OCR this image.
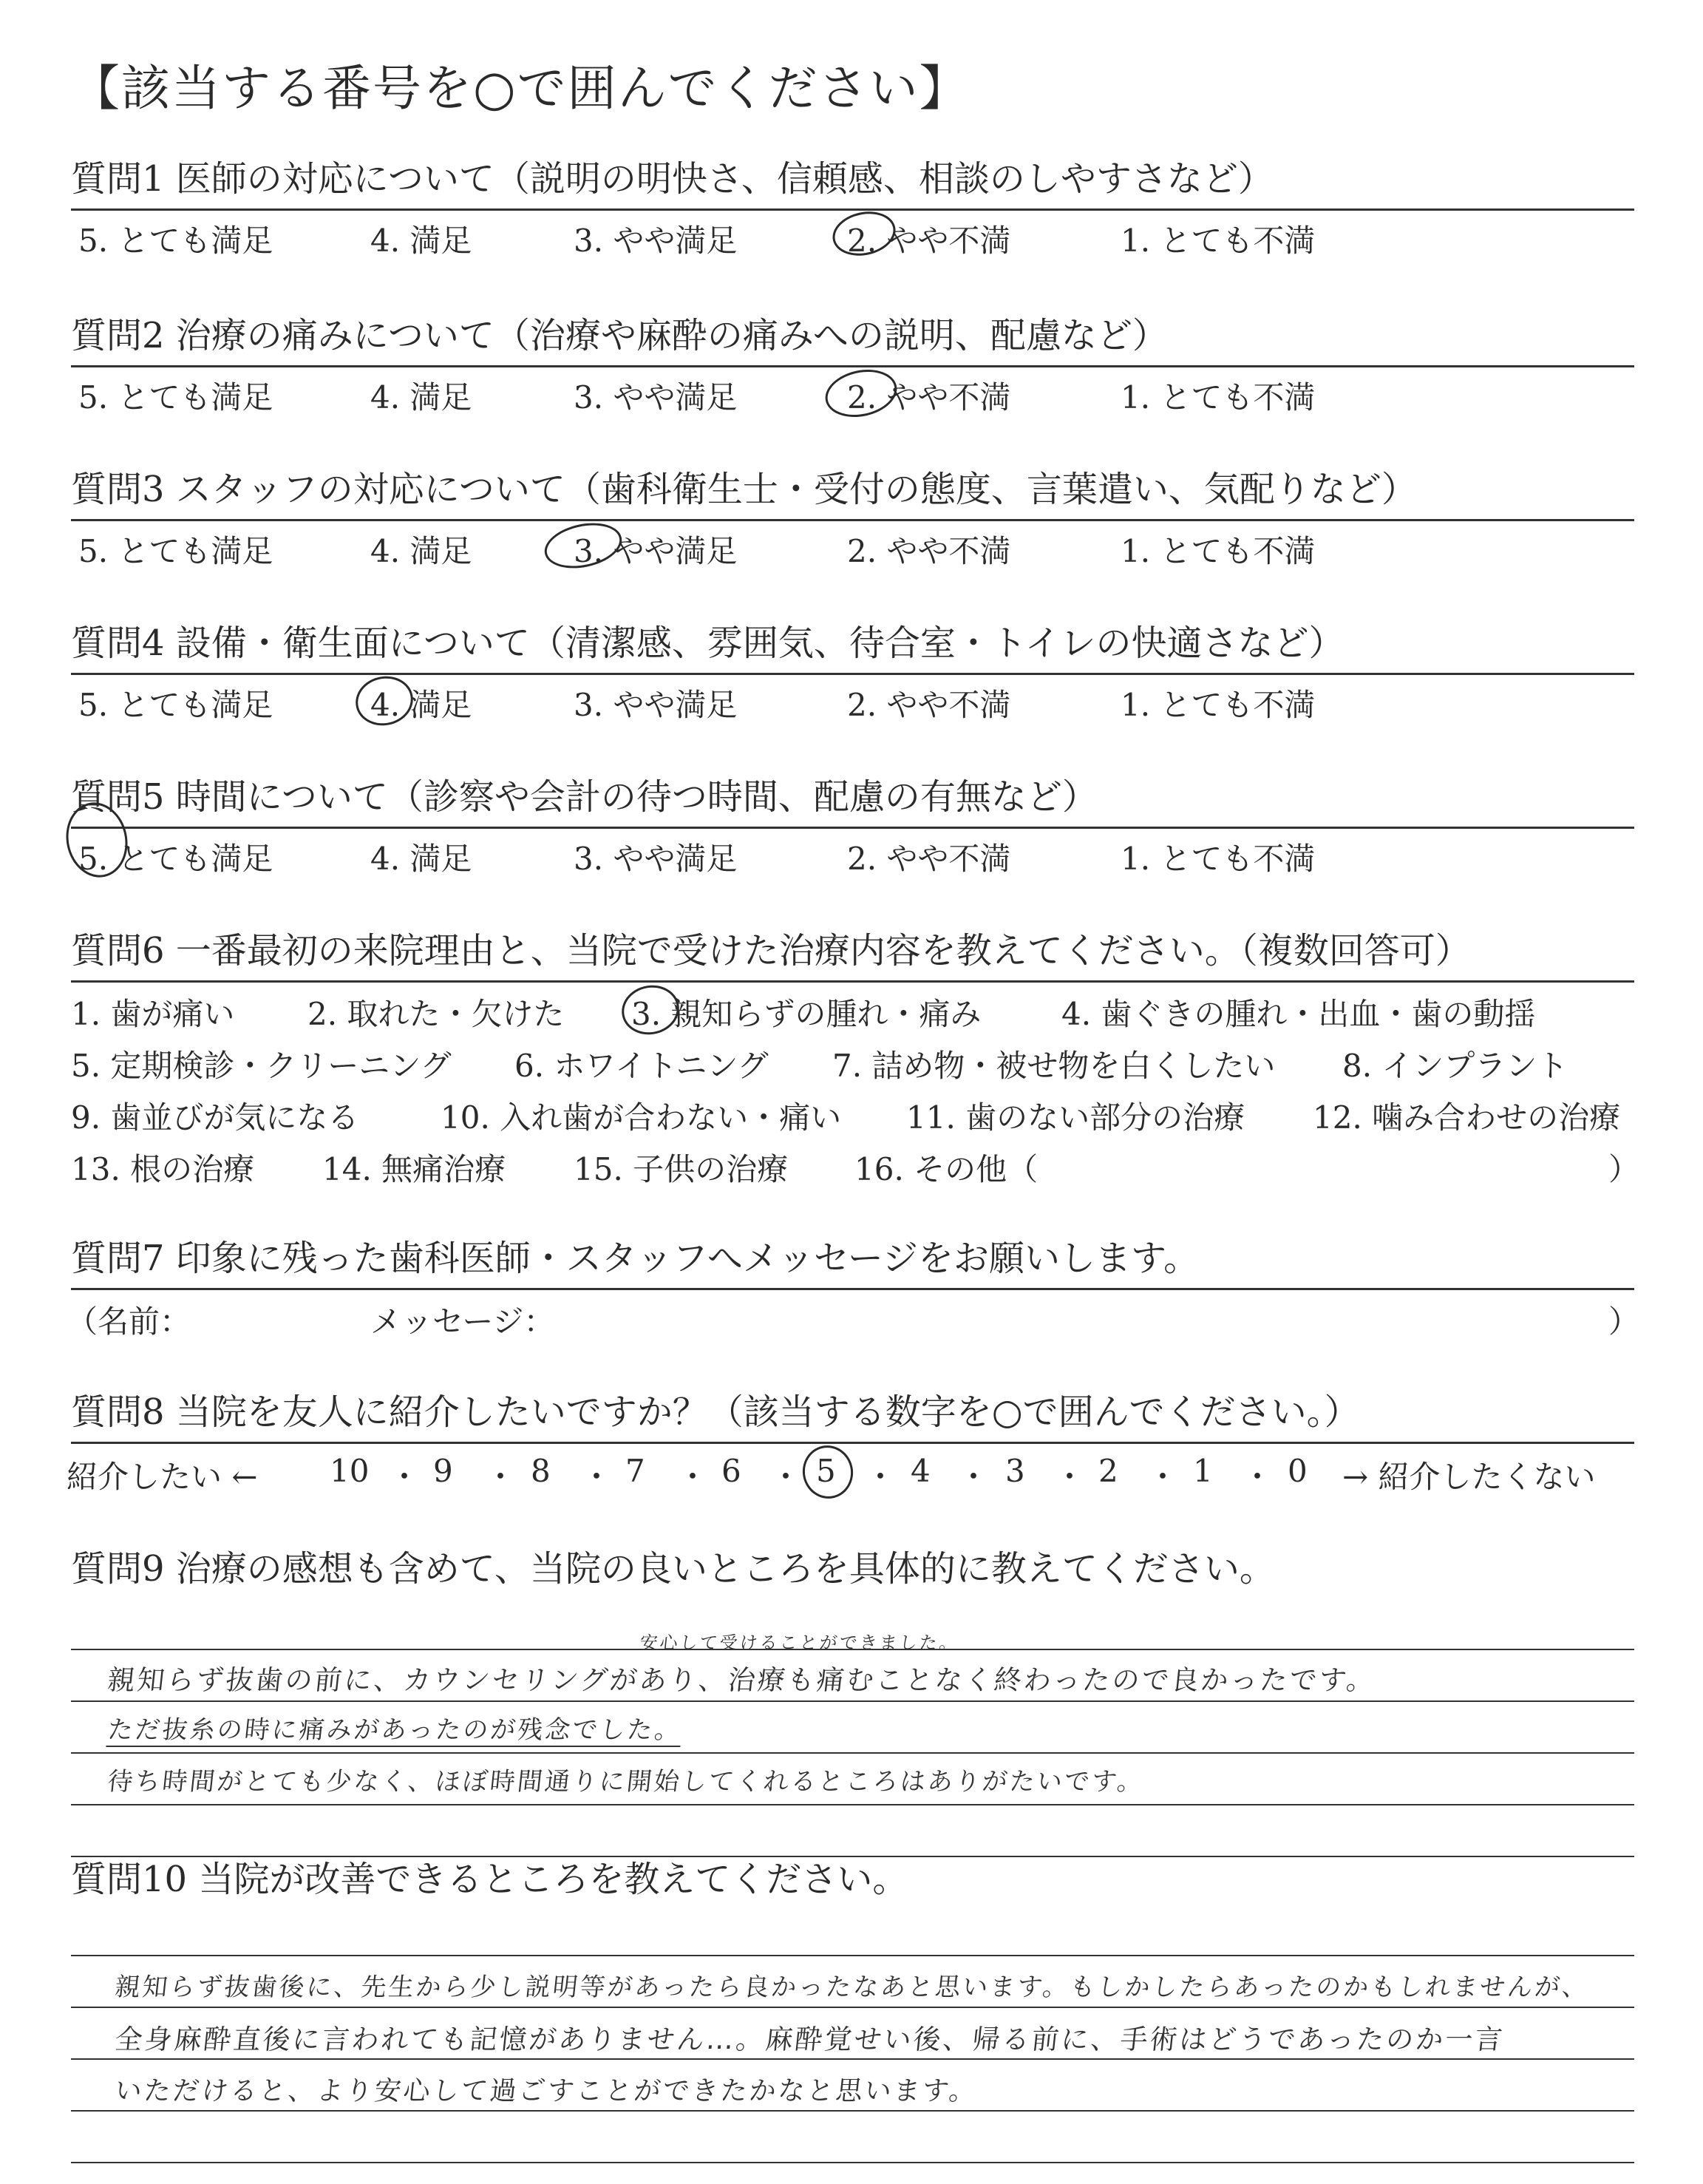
【該当する番号を○で囲んでください】
質問1 医師の対応について（説明の明快さ、信頼感、相談のしやすさなど）
5. とても満足	4. 満足	3. やや満足	2. やや不満	1. とても不満
質問2 治療の痛みについて（治療や麻酔の痛みへの説明、配慮など）
5. とても満足	4. 満足	3. やや満足	2. やや不満	1. とても不満
質問3 スタッフの対応について（歯科衛生士・受付の態度、言葉遣い、気配りなど）
5. とても満足	4. 満足	3. やや満足	2. やや不満	1. とても不満
質問4 設備・衛生面について（清潔感、雰囲気、待合室・トイレの快適さなど）
5. とても満足	4. 満足	3. やや満足	2. やや不満	1. とても不満
質問5 時間について（診察や会計の待つ時間、配慮の有無など）
5. とても満足	4. 満足	3. やや満足	2. やや不満	1. とても不満
質問6 一番最初の来院理由と、当院で受けた治療内容を教えてください。（複数回答可）
1. 歯が痛い 2. 取れた・欠けた 3. 親知らずの腫れ・痛み	4. 歯ぐきの腫れ・出血・歯の動揺
5. 定期検診・クリーニング 6. ホワイトニング 7. 詰め物・被せ物を白くしたい 8. インプラント
9. 歯並びが気になる	10. 入れ歯が合わない・痛い 11. 歯のない部分の治療 12. 噛み合わせの治療
13. 根の治療 14. 無痛治療 15. 子供の治療 16. その他（	）
質問7 印象に残った歯科医師・スタッフへメッセージをお願いします。
（名前：	メッセージ：	）
質問8 当院を友人に紹介したいですか？（該当する数字を○で囲んでください。）
紹介したい ← 10 ・ 9 ・ 8 ・ 7 ・ 6 ・ 5 ・ 4 ・ 3 ・ 2 ・ 1 ・ 0 → 紹介したくない
質問9 治療の感想も含めて、当院の良いところを具体的に教えてください。
安心して受けることができました。
親知らず抜歯の前に、カウンセリングがあり、治療も痛むことなく終わったので良かったです。
ただ抜糸の時に痛みがあったのが残念でした。
待ち時間がとても少なく、ほぼ時間通りに開始してくれるところはありがたいです。
質問10 当院が改善できるところを教えてください。
親知らず抜歯後に、先生から少し説明等があったら良かったなあと思います。もしかしたらあったのかもしれませんが、
全身麻酔直後に言われても記憶がありません…。麻酔覚せい後、帰る前に、手術はどうであったのか一言
いただけると、より安心して過ごすことができたかなと思います。
